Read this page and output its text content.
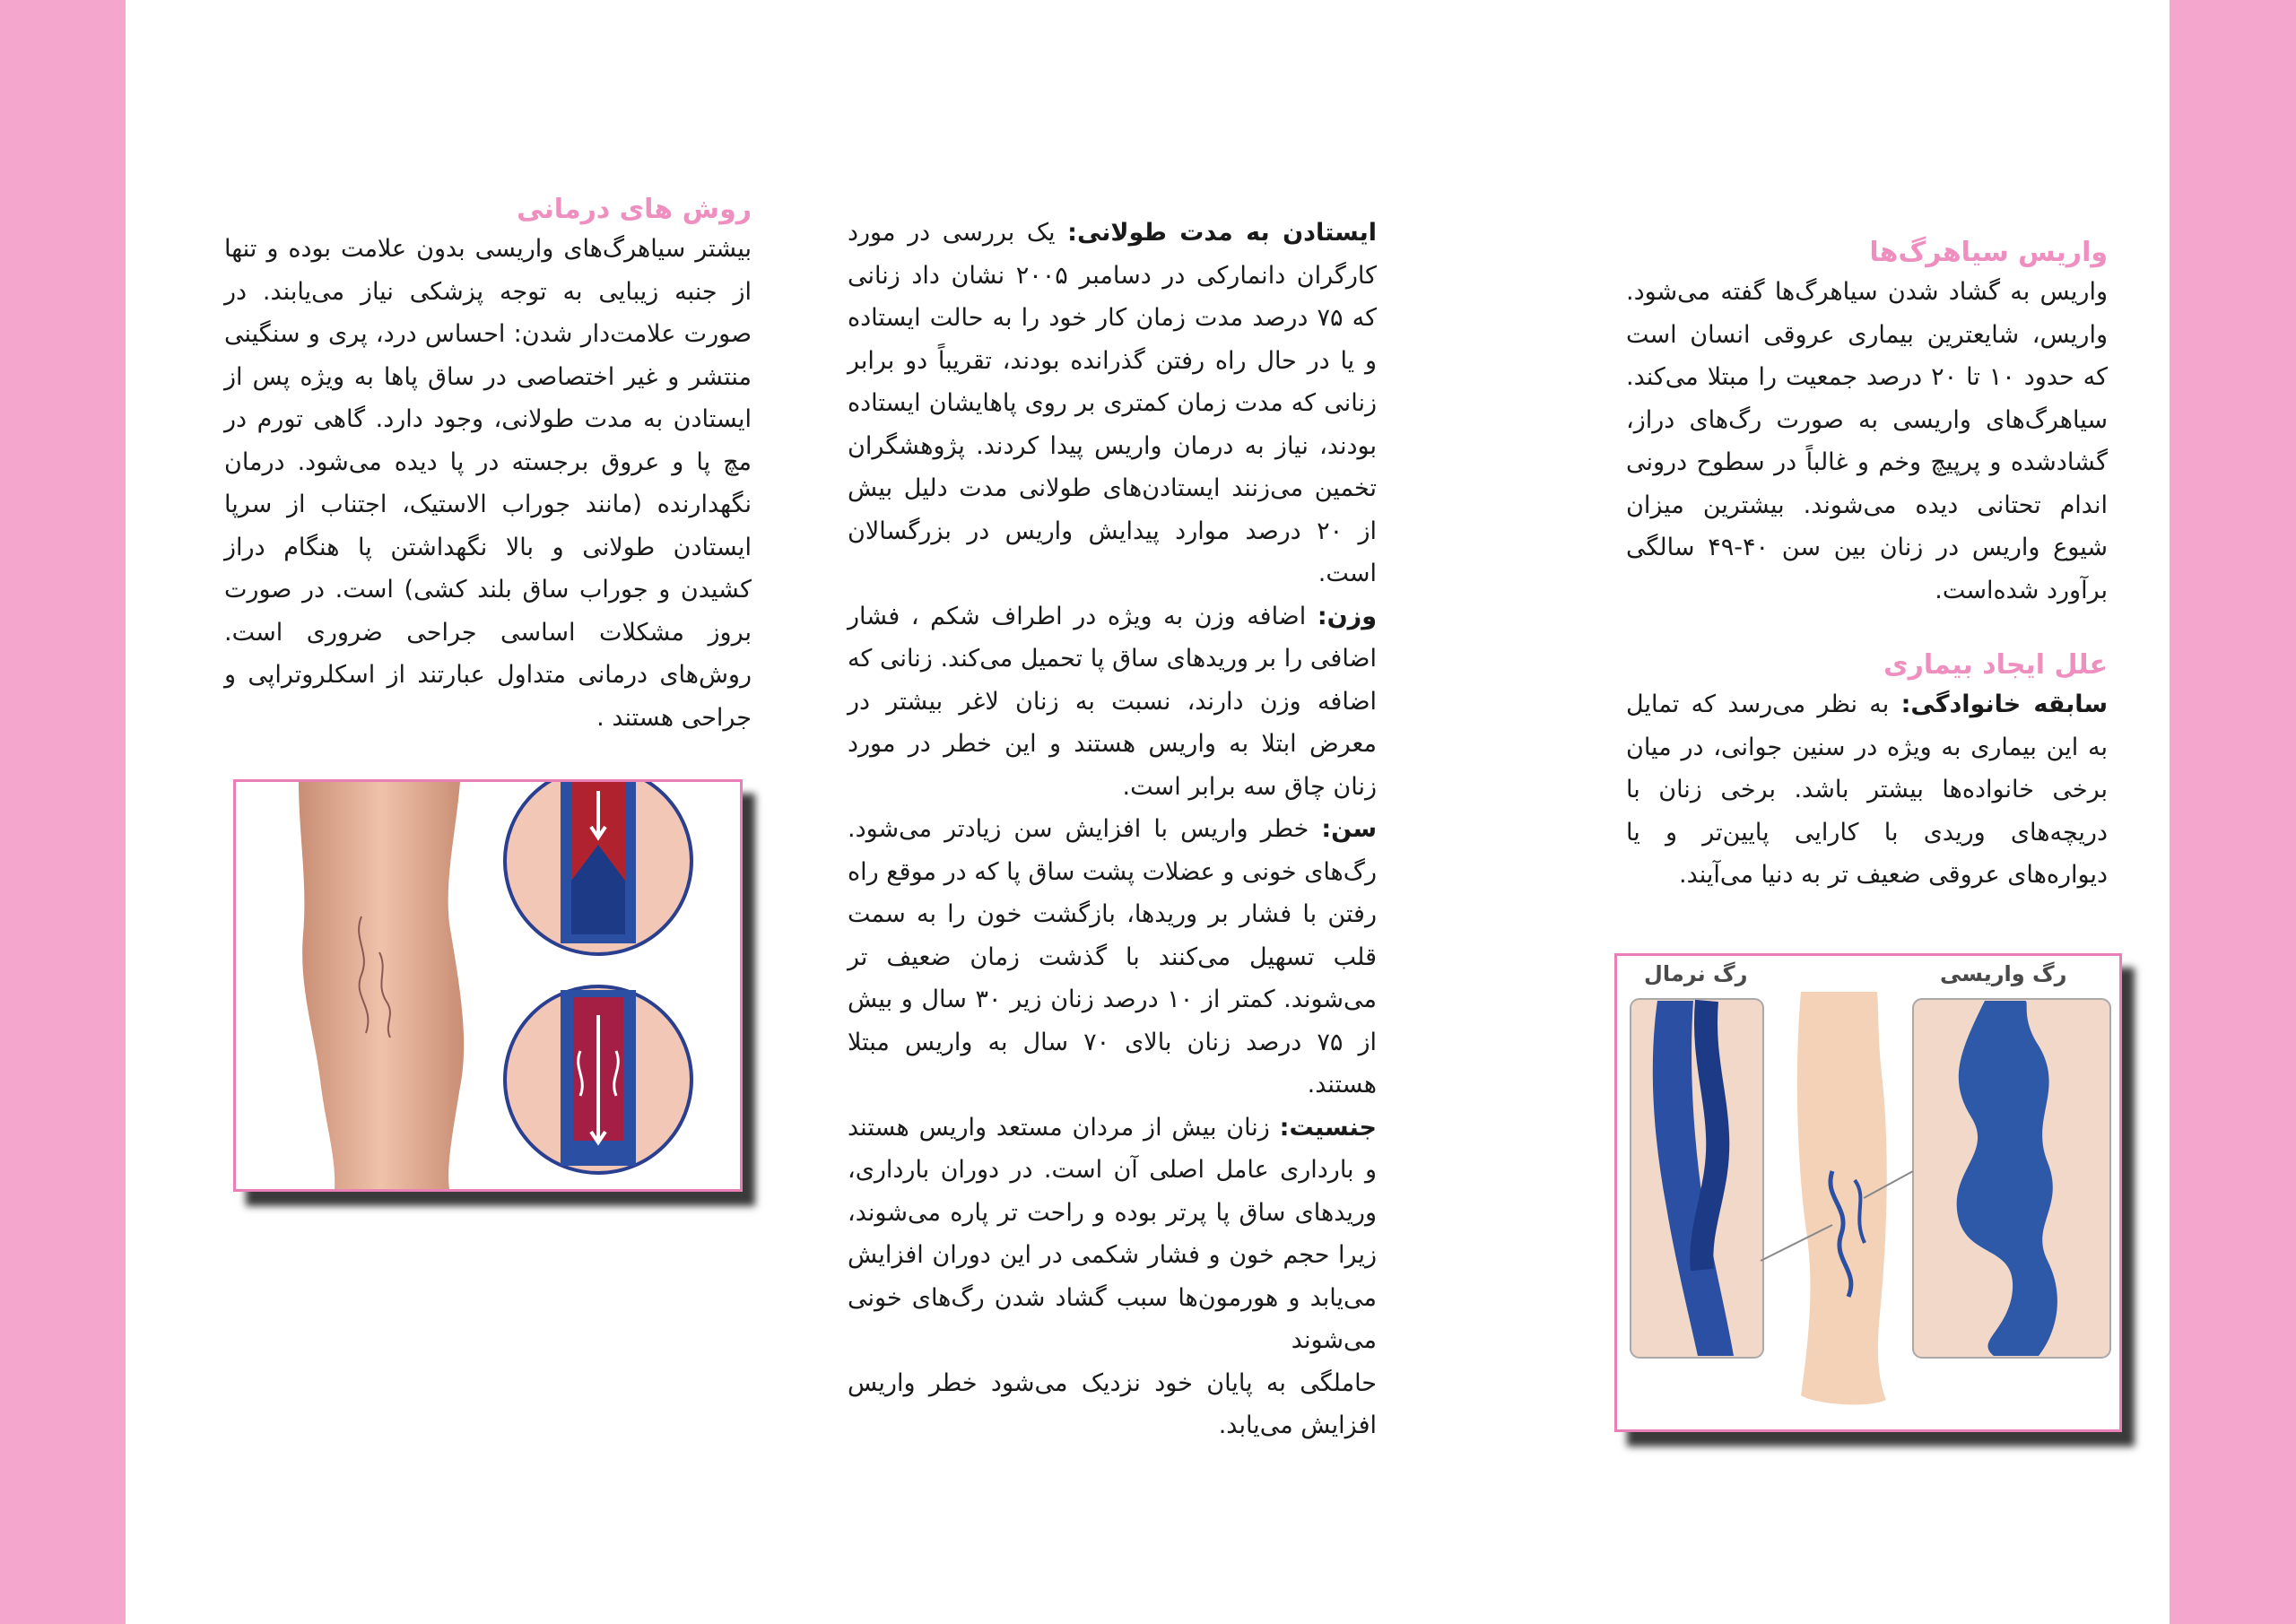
واریس سیاهرگ‌ها

واریس به گشاد شدن سیاهرگ‌ها گفته می‌شود. واریس، شایعترین بیماری عروقی انسان است که حدود ۱۰ تا ۲۰ درصد جمعیت را مبتلا می‌کند. سیاهرگ‌های واریسی به صورت رگ‌های دراز، گشادشده و پرپیچ وخم و غالباً در سطوح درونی اندام تحتانی دیده می‌شوند. بیشترین میزان شیوع واریس در زنان بین سن ۴۰-۴۹ سالگی برآورد شده‌است.

علل ایجاد بیماری

سابقه خانوادگی: به نظر می‌رسد که تمایل به این بیماری به ویژه در سنین جوانی، در میان برخی خانواده‌ها بیشتر باشد. برخی زنان با دریچه‌های وریدی با کارایی پایین‌تر و یا دیواره‌های عروقی ضعیف تر به دنیا می‌آیند.

ایستادن به مدت طولانی: یک بررسی در مورد کارگران دانمارکی در دسامبر ۲۰۰۵ نشان داد زنانی که ۷۵ درصد مدت زمان کار خود را به حالت ایستاده و یا در حال راه رفتن گذرانده بودند، تقریباً دو برابر زنانی که مدت زمان کمتری بر روی پاهایشان ایستاده بودند، نیاز به درمان واریس پیدا کردند. پژوهشگران تخمین می‌زنند ایستادن‌های طولانی مدت دلیل بیش از ۲۰ درصد موارد پیدایش واریس در بزرگسالان است.

وزن: اضافه وزن به ویژه در اطراف شکم ، فشار اضافی را بر وریدهای ساق پا تحمیل می‌کند. زنانی که اضافه وزن دارند، نسبت به زنان لاغر بیشتر در معرض ابتلا به واریس هستند و این خطر در مورد زنان چاق سه برابر است.

سن: خطر واریس با افزایش سن زیادتر می‌شود. رگ‌های خونی و عضلات پشت ساق پا که در موقع راه رفتن با فشار بر وریدها، بازگشت خون را به سمت قلب تسهیل می‌کنند با گذشت زمان ضعیف تر می‌شوند. کمتر از ۱۰ درصد زنان زیر ۳۰ سال و بیش از ۷۵ درصد زنان بالای ۷۰ سال به واریس مبتلا هستند.

جنسیت: زنان بیش از مردان مستعد واریس هستند و بارداری عامل اصلی آن است. در دوران بارداری، وریدهای ساق پا پرتر بوده و راحت تر پاره می‌شوند، زیرا حجم خون و فشار شکمی در این دوران افزایش می‌یابد و هورمون‌ها سبب گشاد شدن رگ‌های خونی می‌شوند

حاملگی به پایان خود نزدیک می‌شود خطر واریس افزایش می‌یابد.

روش های درمانی

بیشتر سیاهرگ‌های واریسی بدون علامت بوده و تنها از جنبه زیبایی به توجه پزشکی نیاز می‌یابند. در صورت علامت‌دار شدن: احساس درد، پری و سنگینی منتشر و غیر اختصاصی در ساق پاها به ویژه پس از ایستادن به مدت طولانی، وجود دارد. گاهی تورم در مچ پا و عروق برجسته در پا دیده می‌شود. درمان نگهدارنده (مانند جوراب الاستیک، اجتناب از سرپا ایستادن طولانی و بالا نگهداشتن پا هنگام دراز کشیدن و جوراب ساق بلند کشی) است. در صورت بروز مشکلات اساسی جراحی ضروری است. روش‌های درمانی متداول عبارتند از اسکلروتراپی و جراحی هستند .

رگ نرمال	رگ واریسی
